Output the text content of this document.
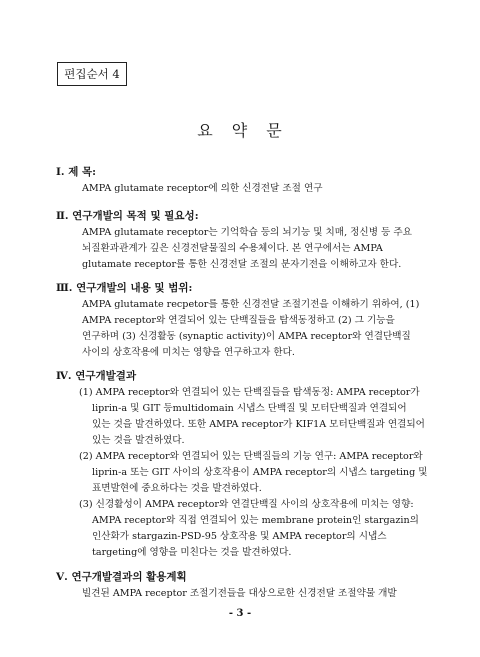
편집순서 4
요 약 문
Ⅰ. 제 목:
AMPA glutamate receptor에 의한 신경전달 조절 연구
Ⅱ. 연구개발의 목적 및 필요성:
AMPA glutamate receptor는 기억학습 등의 뇌기능 및 치매, 정신병 등 주요
뇌질환과관계가 깊은 신경전달물질의 수용체이다. 본 연구에서는 AMPA
glutamate receptor를 통한 신경전달 조절의 분자기전을 이해하고자 한다.
Ⅲ. 연구개발의 내용 및 범위:
AMPA glutamate recpetor를 통한 신경전달 조절기전을 이해하기 위하여, (1)
AMPA receptor와 연결되어 있는 단백질들을 탐색동정하고 (2) 그 기능을
연구하며 (3) 신경활동 (synaptic activity)이 AMPA receptor와 연결단백질
사이의 상호작용에 미치는 영향을 연구하고자 한다.
Ⅳ. 연구개발결과
(1) AMPA receptor와 연결되어 있는 단백질들을 탐색동정: AMPA receptor가
liprin-a 및 GIT 등multidomain 시냅스 단백질 및 모터단백질과 연결되어
있는 것을 발견하였다. 또한 AMPA receptor가 KIF1A 모터단백질과 연결되어
있는 것을 발견하였다.
(2) AMPA receptor와 연결되어 있는 단백질들의 기능 연구: AMPA receptor와
liprin-a 또는 GIT 사이의 상호작용이 AMPA receptor의 시냅스 targeting 및
표면발현에 중요하다는 것을 발견하였다.
(3) 신경활성이 AMPA receptor와 연결단백질 사이의 상호작용에 미치는 영향:
AMPA receptor와 직접 연결되어 있는 membrane protein인 stargazin의
인산화가 stargazin-PSD-95 상호작용 및 AMPA receptor의 시냅스
targeting에 영향을 미친다는 것을 발견하였다.
Ⅴ. 연구개발결과의 활용계획
빌견된 AMPA receptor 조절기전들을 대상으로한 신경전달 조절약물 개발
- 3 -
